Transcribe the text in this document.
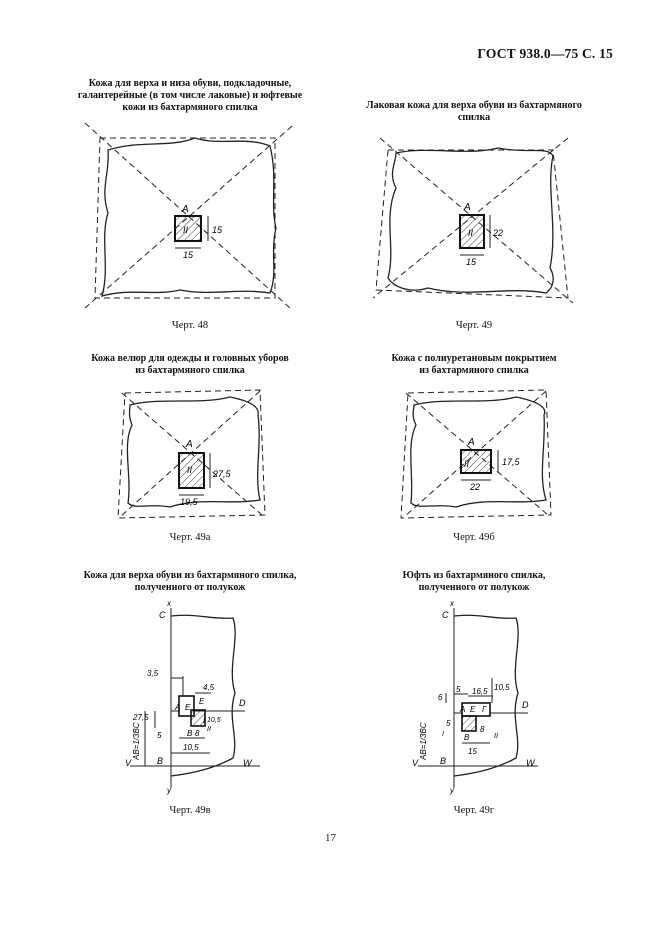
ГОСТ 938.0—75 С. 15
Кожа для верха и низа обуви, подкладочные,
галантерейные (в том числе лаковые) и юфтевые
кожи из бахтармяного спилка
A
II
15
15
Черт. 48
Лаковая кожа для верха обуви из бахтармяного
спилка
A
II
15
22
Черт. 49
Кожа велюр для одежды и головных уборов
из бахтармяного спилка
A
II
19,5
27,5
Черт. 49а
Кожа с полиуретановым покрытием
из бахтармяного спилка
A
II
22
17,5
Черт. 49б
Кожа для верха обуви из бахтармяного спилка,
полученного от полукож
x
C
3,5
4,5
27,5
A E
E
I
II
D
5	B
10,5
8
10,5
AB=1/3BC
V	B	W
y
Черт. 49в
Юфть из бахтармяного спилка,
полученного от полукож
x
C
6
5 16,5 10,5
A E Г	D
5
B
8
15
I	II
AB=1/3BC
V B	W
y
Черт. 49г
17
